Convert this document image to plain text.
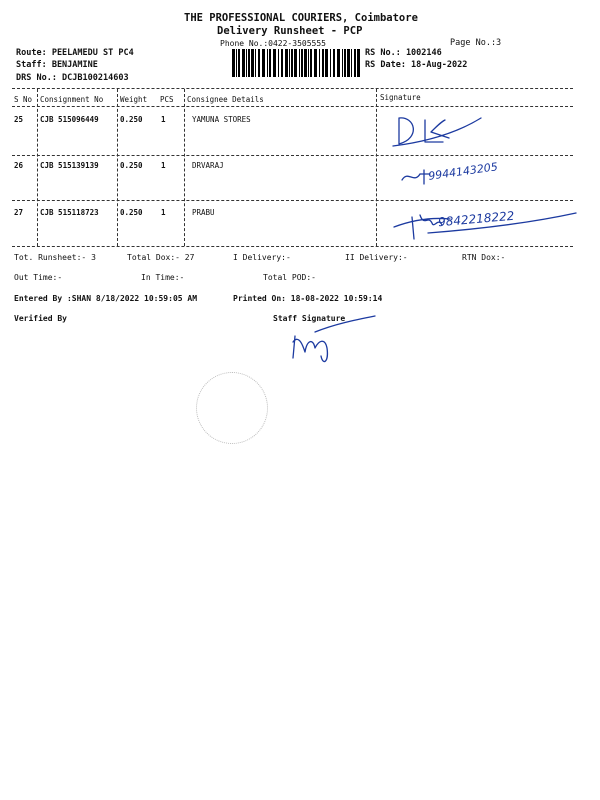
THE PROFESSIONAL COURIERS, Coimbatore
Delivery Runsheet - PCP
Phone No.:0422-3505555	Page No.:3
Route: PEELAMEDU ST PC4
Staff: BENJAMINE
DRS No.: DCJB100214603
RS No.: 1002146
RS Date: 18-Aug-2022
S No Consignment No Weight PCS Consignee Details	Signature
25 CJB 515096449	0.250 1	YAMUNA STORES
26 CJB 515139139	0.250 1	DRVARAJ
27 CJB 515118723	0.250 1	PRABU
9944143205
9842218222
Tot. Runsheet:- 3	Total Dox:- 27	I Delivery:-	II Delivery:-	RTN Dox:-
Out Time:-	In Time:-	Total POD:-
Entered By :SHAN 8/18/2022 10:59:05 AM	Printed On: 18-08-2022 10:59:14
Verified By	Staff Signature
